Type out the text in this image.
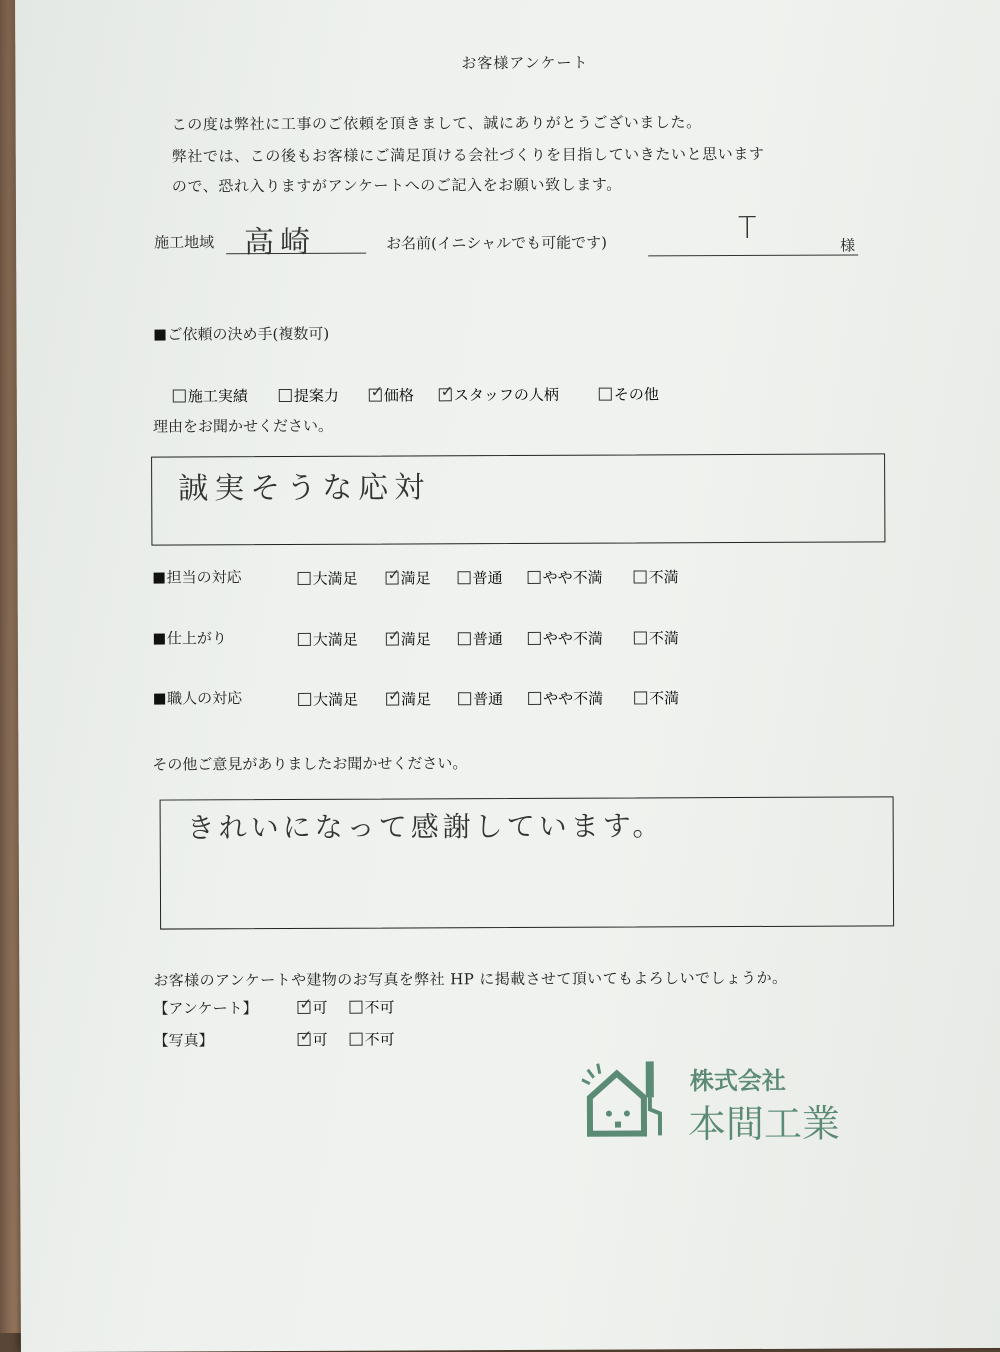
お客様アンケート
この度は弊社に工事のご依頼を頂きまして、誠にありがとうございました。
弊社では、この後もお客様にご満足頂ける会社づくりを目指していきたいと思います
ので、恐れ入りますがアンケートへのご記入をお願い致します。
施工地域 高崎	お名前(イニシャルでも可能です)	T	様
ご依頼の決め手(複数可)
施工実績	提案力 ✓ 価格 ✓ スタッフの人柄	その他
理由をお聞かせください。
誠実そうな応対
担当の対応	大満足 ✓ 満足	普通	やや不満	不満
仕上がり	大満足 ✓ 満足	普通	やや不満	不満
職人の対応	大満足 ✓ 満足	普通	やや不満	不満
その他ご意見がありましたお聞かせください。
きれいになって感謝しています。
お客様のアンケートや建物のお写真を弊社 HP に掲載させて頂いてもよろしいでしょうか。
【アンケート】	✓ 可	不可
【写真】	✓ 可	不可
株式会社
本間工業
